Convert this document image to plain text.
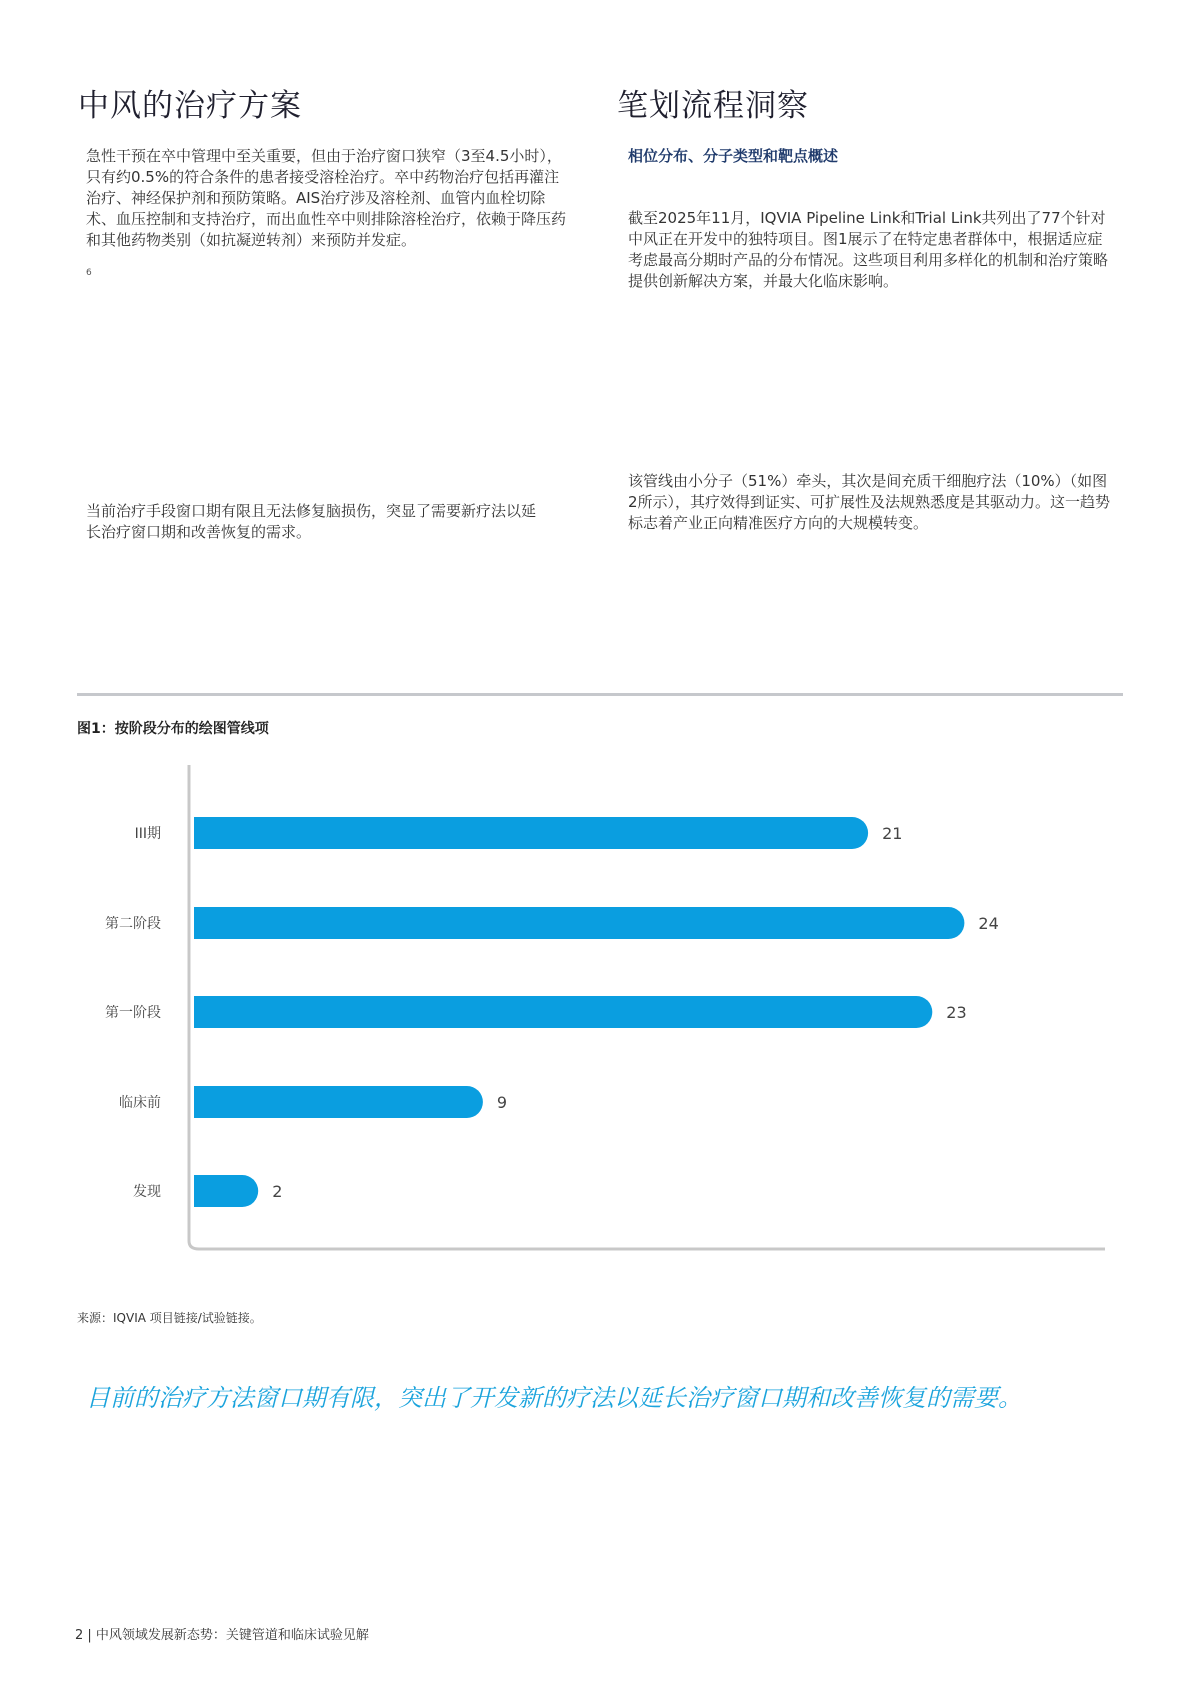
中风的治疗方案
急性干预在卒中管理中至关重要，但由于治疗窗口狭窄（3至4.5小时），只有约0.5%的符合条件的患者接受溶栓治疗。卒中药物治疗包括再灌注治疗、神经保护剂和预防策略。AIS治疗涉及溶栓剂、血管内血栓切除术、血压控制和支持治疗，而出血性卒中则排除溶栓治疗，依赖于降压药和其他药物类别（如抗凝逆转剂）来预防并发症。
6
当前治疗手段窗口期有限且无法修复脑损伤，突显了需要新疗法以延长治疗窗口期和改善恢复的需求。
笔划流程洞察
相位分布、分子类型和靶点概述
截至2025年11月，IQVIA Pipeline Link和Trial Link共列出了77个针对中风正在开发中的独特项目。图1展示了在特定患者群体中，根据适应症考虑最高分期时产品的分布情况。这些项目利用多样化的机制和治疗策略提供创新解决方案，并最大化临床影响。
该管线由小分子（51%）牵头，其次是间充质干细胞疗法（10%）（如图2所示），其疗效得到证实、可扩展性及法规熟悉度是其驱动力。这一趋势标志着产业正向精准医疗方向的大规模转变。
图1：按阶段分布的绘图管线项
III期	21
第二阶段	24
第一阶段	23
临床前	9
发现	2
来源：IQVIA 项目链接/试验链接。
目前的治疗方法窗口期有限，突出了开发新的疗法以延长治疗窗口期和改善恢复的需要。
2 | 中风领域发展新态势：关键管道和临床试验见解
